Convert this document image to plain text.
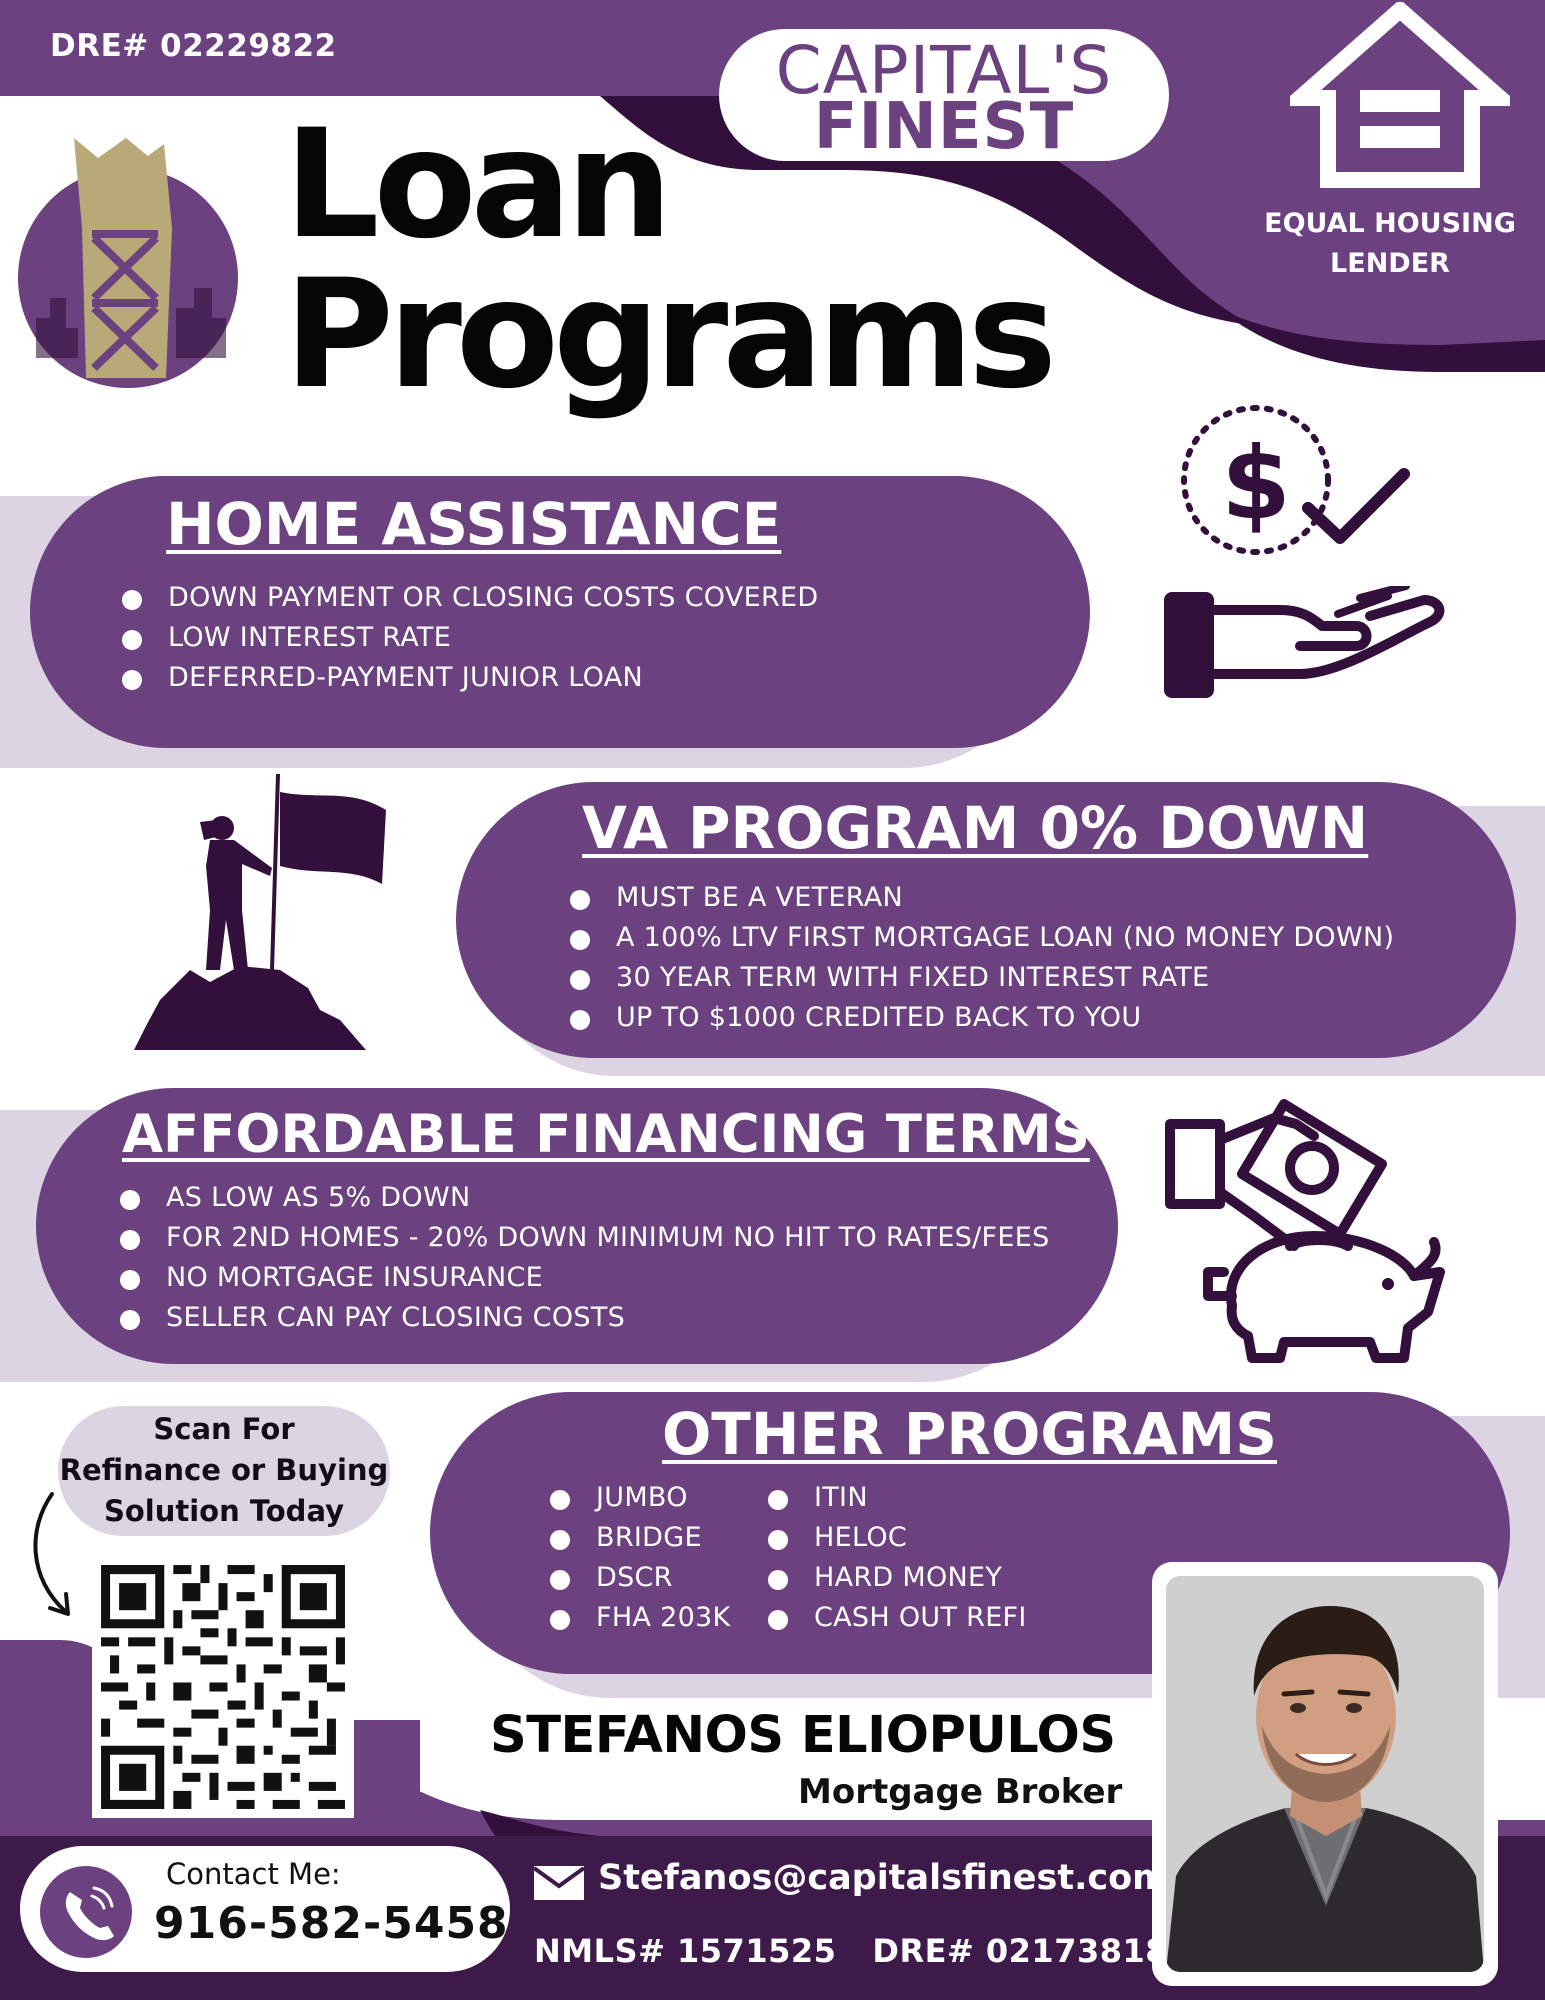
DRE# 02229822	CAPITAL'S
FINEST
EQUAL HOUSING
LENDER
Loan
Programs
$
HOME ASSISTANCE
DOWN PAYMENT OR CLOSING COSTS COVERED
LOW INTEREST RATE
DEFERRED-PAYMENT JUNIOR LOAN
VA PROGRAM 0% DOWN
MUST BE A VETERAN
A 100% LTV FIRST MORTGAGE LOAN (NO MONEY DOWN)
30 YEAR TERM WITH FIXED INTEREST RATE
UP TO $1000 CREDITED BACK TO YOU
AFFORDABLE FINANCING TERMS
AS LOW AS 5% DOWN
FOR 2ND HOMES - 20% DOWN MINIMUM NO HIT TO RATES/FEES
NO MORTGAGE INSURANCE
SELLER CAN PAY CLOSING COSTS
OTHER PROGRAMS
JUMBO
BRIDGE
DSCR
FHA 203K
ITIN
HELOC
HARD MONEY
CASH OUT REFI
Scan For
Refinance or Buying
Solution Today
STEFANOS ELIOPULOS
Mortgage Broker
Contact Me:
916-582-5458
Stefanos@capitalsfinest.com
NMLS# 1571525 DRE# 02173818
